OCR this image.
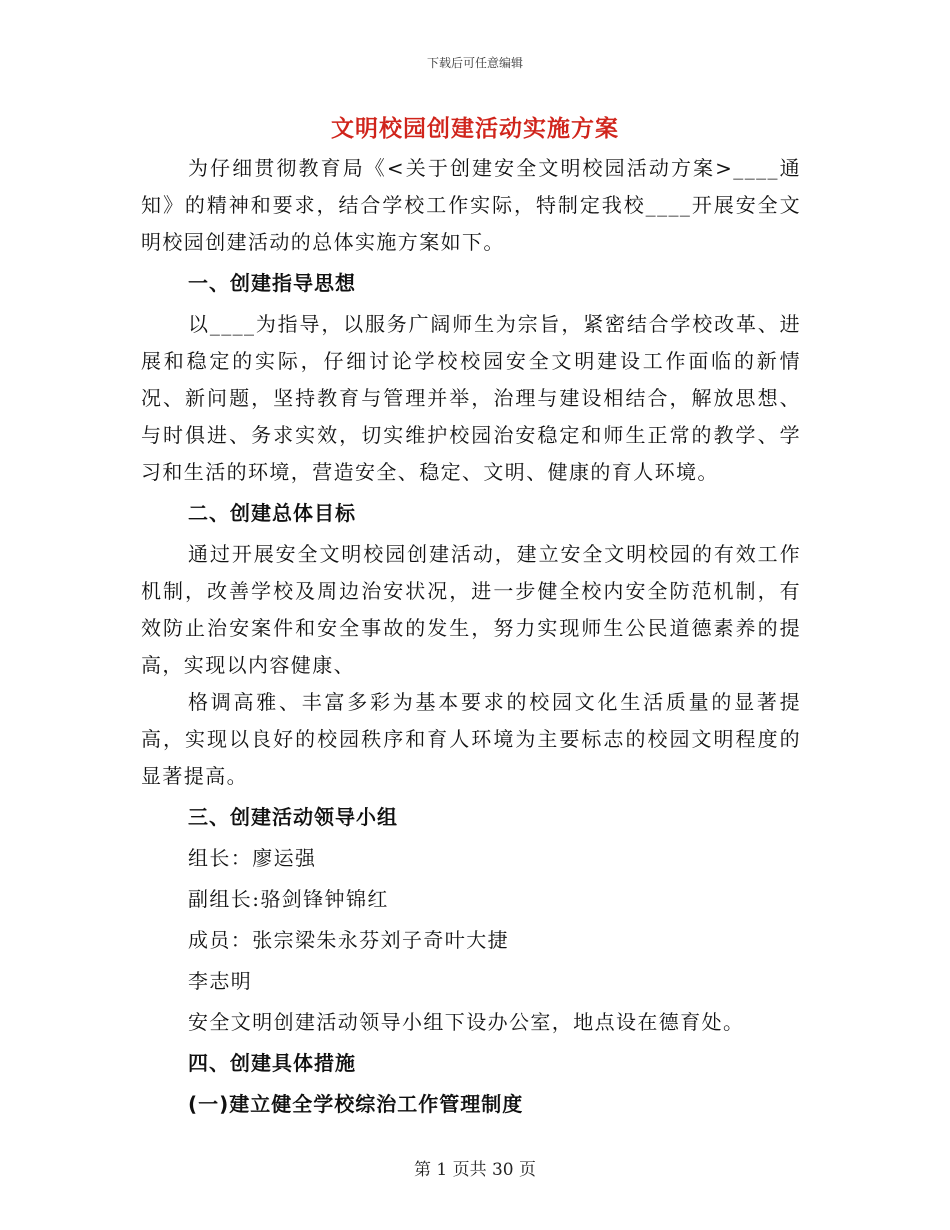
下载后可任意编辑
文明校园创建活动实施方案

为仔细贯彻教育局《<关于创建安全文明校园活动方案>____通知》的精神和要求，结合学校工作实际，特制定我校____开展安全文明校园创建活动的总体实施方案如下。

一、创建指导思想

以____为指导，以服务广阔师生为宗旨，紧密结合学校改革、进展和稳定的实际，仔细讨论学校校园安全文明建设工作面临的新情况、新问题，坚持教育与管理并举，治理与建设相结合，解放思想、与时俱进、务求实效，切实维护校园治安稳定和师生正常的教学、学习和生活的环境，营造安全、稳定、文明、健康的育人环境。

二、创建总体目标

通过开展安全文明校园创建活动，建立安全文明校园的有效工作机制，改善学校及周边治安状况，进一步健全校内安全防范机制，有效防止治安案件和安全事故的发生，努力实现师生公民道德素养的提高，实现以内容健康、

格调高雅、丰富多彩为基本要求的校园文化生活质量的显著提高，实现以良好的校园秩序和育人环境为主要标志的校园文明程度的显著提高。

三、创建活动领导小组

组长：廖运强

副组长:骆剑锋钟锦红

成员：张宗梁朱永芬刘子奇叶大捷

李志明

安全文明创建活动领导小组下设办公室，地点设在德育处。

四、创建具体措施

(一)建立健全学校综治工作管理制度

第 1 页共 30 页
